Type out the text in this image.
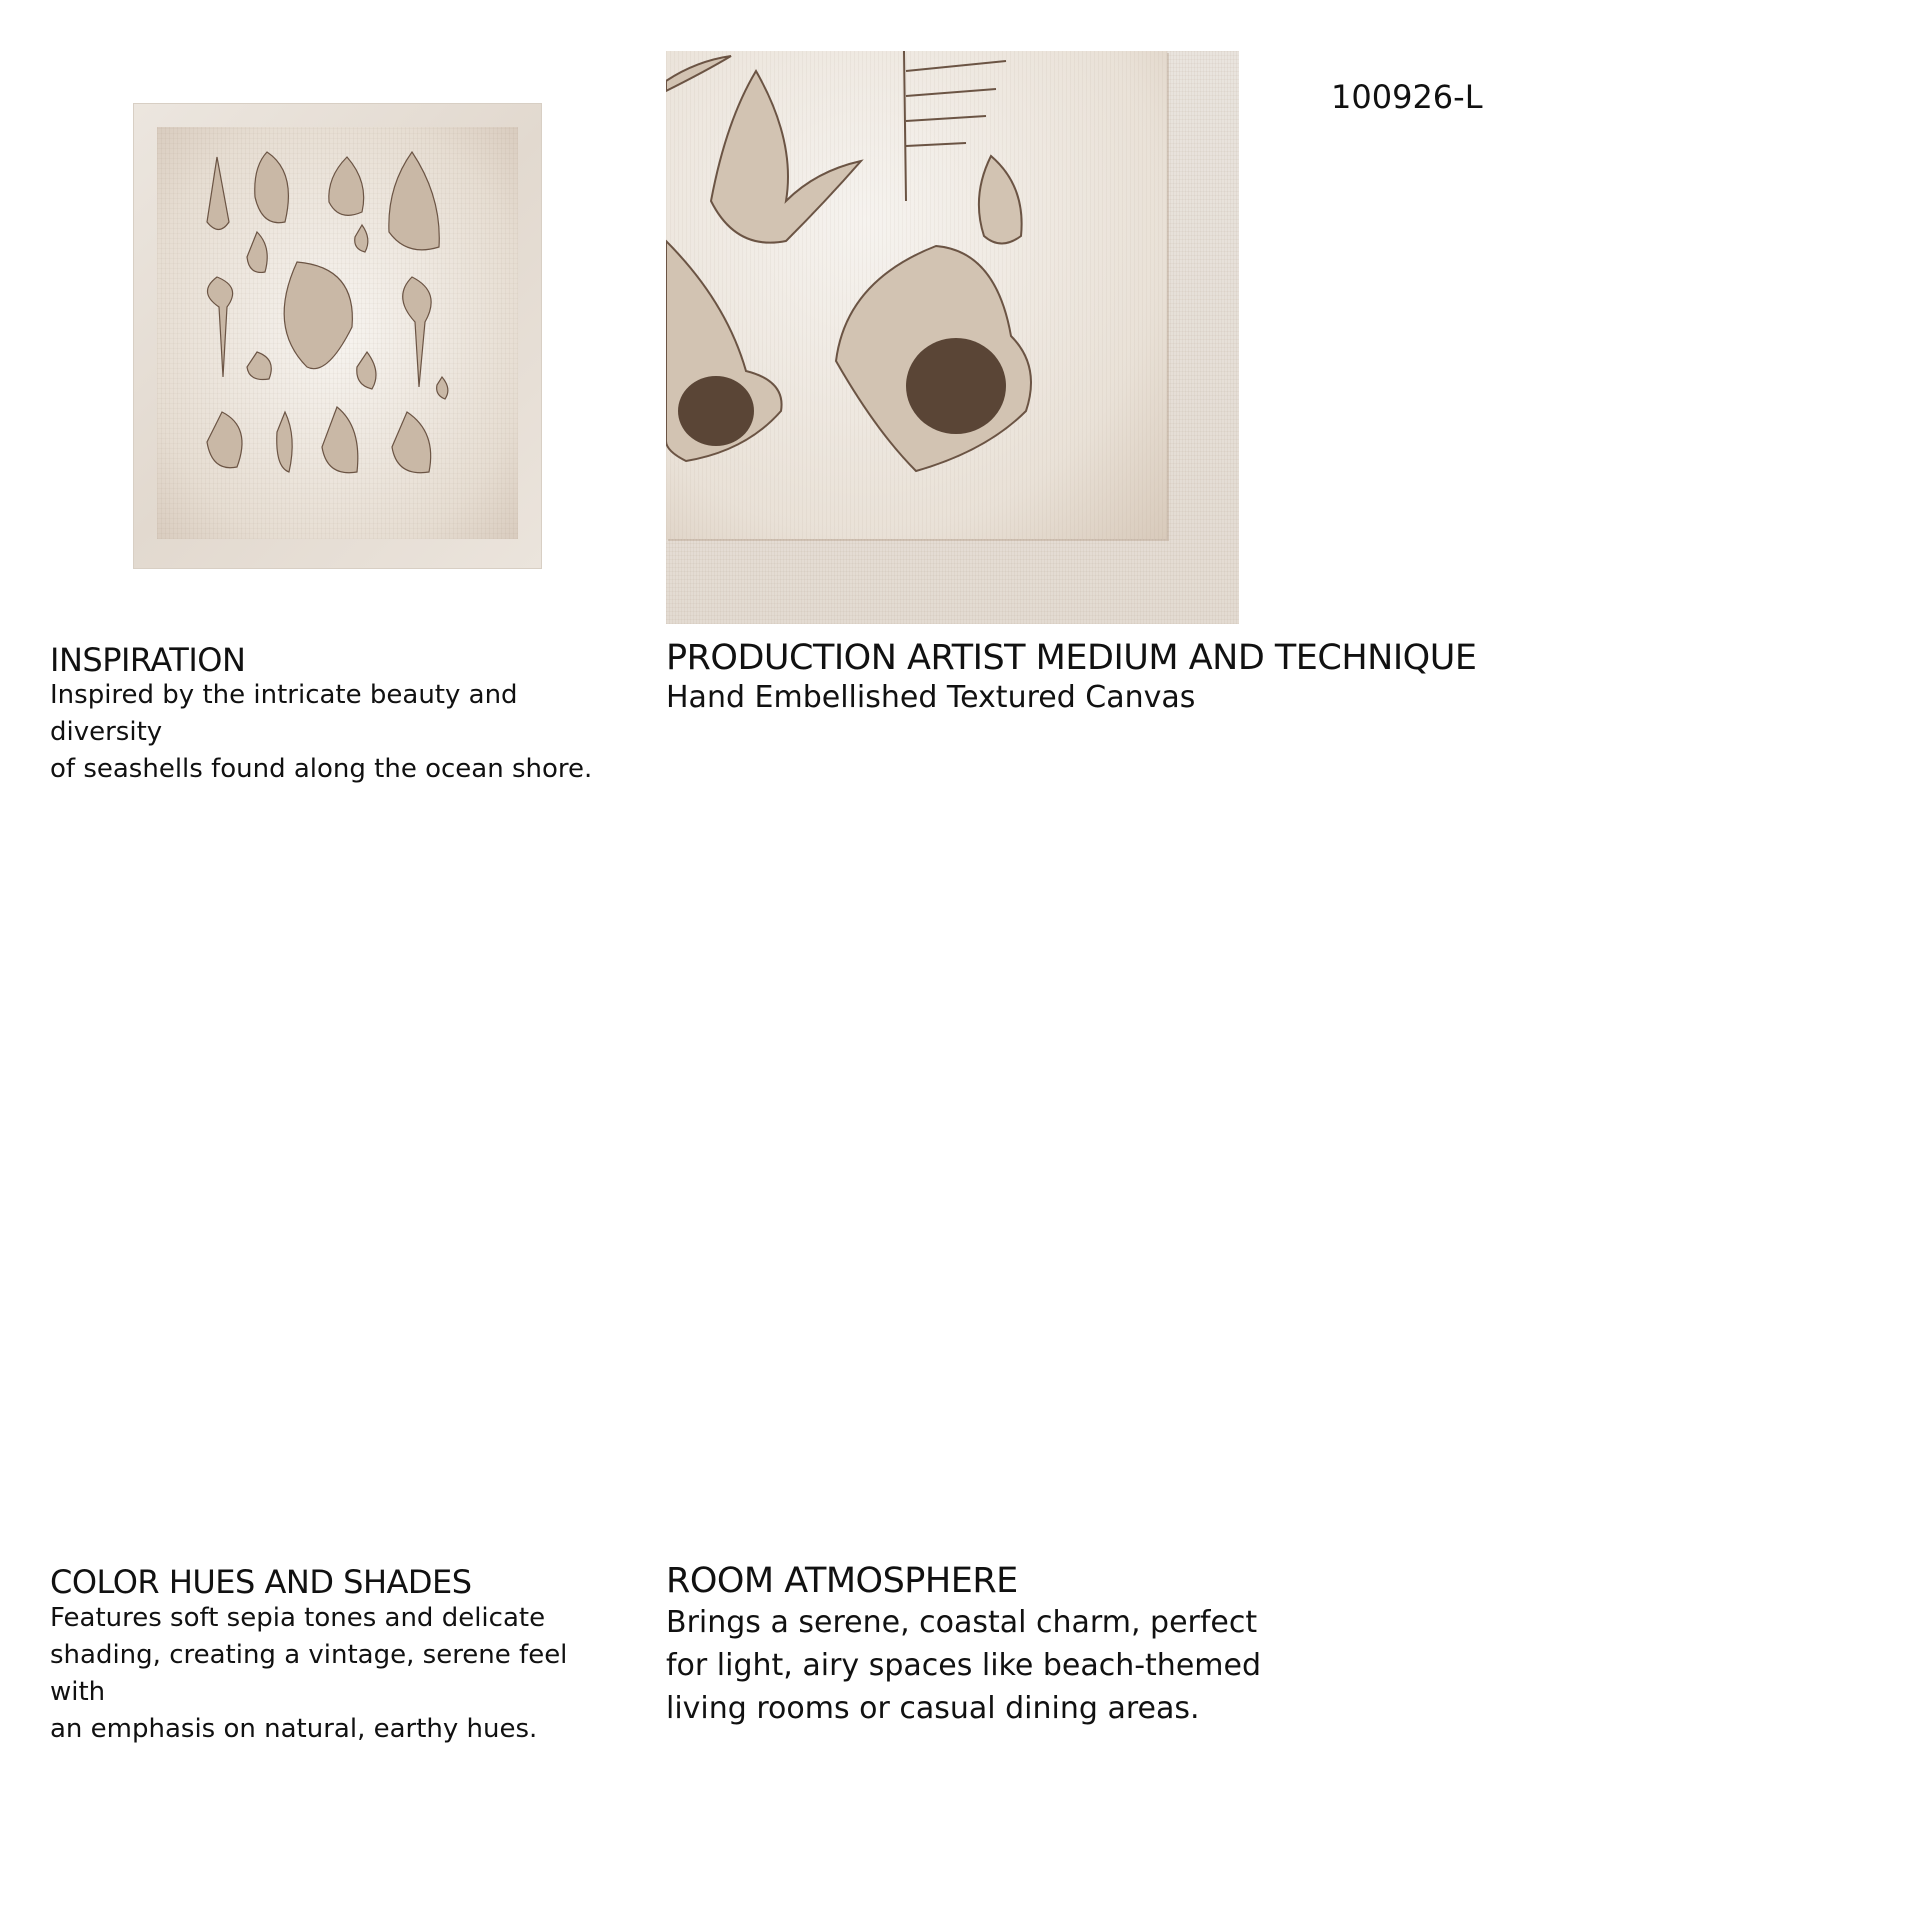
100926-L
INSPIRATION
Inspired by the intricate beauty and diversity
of seashells found along the ocean shore.
PRODUCTION ARTIST MEDIUM AND TECHNIQUE
Hand Embellished Textured Canvas
COLOR HUES AND SHADES
Features soft sepia tones and delicate
shading, creating a vintage, serene feel with
an emphasis on natural, earthy hues.
ROOM ATMOSPHERE
Brings a serene, coastal charm, perfect
for light, airy spaces like beach-themed
living rooms or casual dining areas.
